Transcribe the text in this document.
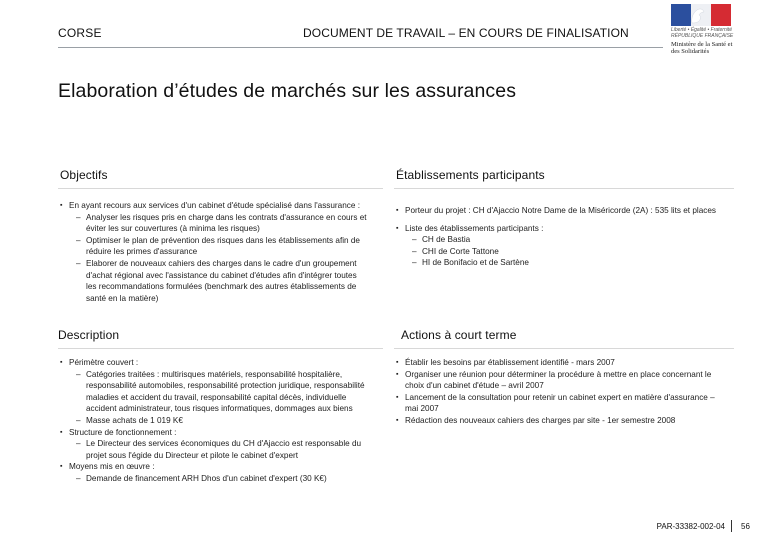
CORSE	DOCUMENT DE TRAVAIL – EN COURS DE FINALISATION	Liberté • Égalité • Fraternité RÉPUBLIQUE FRANÇAISE
Ministère de la Santé et des Solidarités
Elaboration d’études de marchés sur les assurances
Objectifs
▪ En ayant recours aux services d'un cabinet d'étude spécialisé dans l'assurance :
– Analyser les risques pris en charge dans les contrats d'assurance en cours et éviter les sur couvertures (à minima les risques)
– Optimiser le plan de prévention des risques dans les établissements afin de réduire les primes d'assurance
– Elaborer de nouveaux cahiers des charges dans le cadre d'un groupement d'achat régional avec l'assistance du cabinet d'études afin d'intégrer toutes les recommandations formulées (benchmark des autres établissements de santé en la matière)
Établissements participants
▪ Porteur du projet : CH d'Ajaccio Notre Dame de la Miséricorde (2A) : 535 lits et places
▪ Liste des établissements participants :
– CH de Bastia
– CHI de Corte Tattone
– HI de Bonifacio et de Sartène
Description
▪ Périmètre couvert :
– Catégories traitées : multirisques matériels, responsabilité hospitalière, responsabilité automobiles, responsabilité protection juridique, responsabilité maladies et accident du travail, responsabilité capital décès, individuelle accident administrateur, tous risques informatiques, dommages aux biens
– Masse achats de 1 019 K€
▪ Structure de fonctionnement :
– Le Directeur des services économiques du CH d'Ajaccio est responsable du projet sous l'égide du Directeur et pilote le cabinet d'expert
▪ Moyens mis en œuvre :
– Demande de financement ARH Dhos d'un cabinet d'expert (30 K€)
Actions à court terme
▪ Établir les besoins par établissement identifié - mars 2007
▪ Organiser une réunion pour déterminer la procédure à mettre en place concernant le choix d'un cabinet d'étude – avril 2007
▪ Lancement de la consultation pour retenir un cabinet expert en matière d'assurance – mai 2007
▪ Rédaction des nouveaux cahiers des charges par site - 1er semestre 2008
PAR-33382-002-04 56
